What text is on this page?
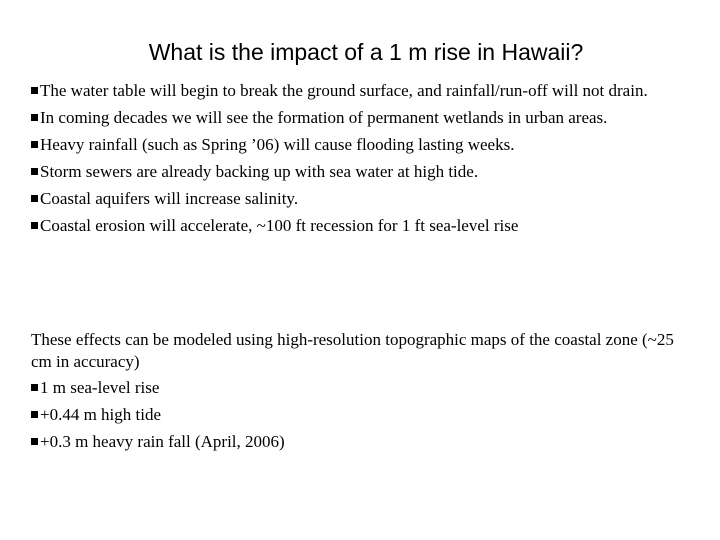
What is the impact of a 1 m rise in Hawaii?
The water table will begin to break the ground surface, and rainfall/run-off will not drain.
In coming decades we will see the formation of permanent wetlands in urban areas.
Heavy rainfall (such as Spring ’06) will cause flooding lasting weeks.
Storm sewers are already backing up with sea water at high tide.
Coastal aquifers will increase salinity.
Coastal erosion will accelerate, ~100 ft recession for 1 ft sea-level rise
These effects can be modeled using high-resolution topographic maps of the coastal zone (~25 cm in accuracy)
1 m sea-level rise
+0.44 m high tide
+0.3 m heavy rain fall (April, 2006)
